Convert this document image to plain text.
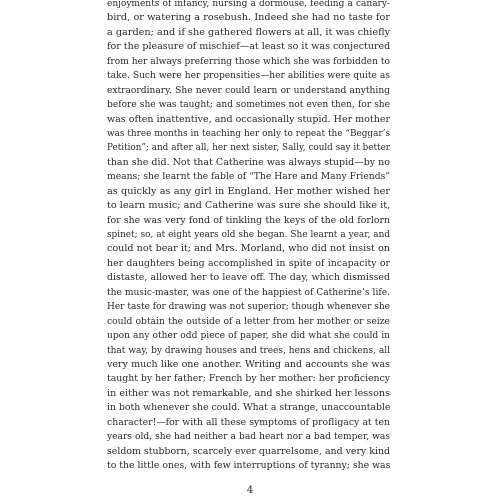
enjoyments of infancy, nursing a dormouse, feeding a canary-
bird, or watering a rosebush. Indeed she had no taste for
a garden; and if she gathered flowers at all, it was chiefly
for the pleasure of mischief—at least so it was conjectured
from her always preferring those which she was forbidden to
take. Such were her propensities—her abilities were quite as
extraordinary. She never could learn or understand anything
before she was taught; and sometimes not even then, for she
was often inattentive, and occasionally stupid. Her mother
was three months in teaching her only to repeat the “Beggar’s
Petition”; and after all, her next sister, Sally, could say it better
than she did. Not that Catherine was always stupid—by no
means; she learnt the fable of “The Hare and Many Friends”
as quickly as any girl in England. Her mother wished her
to learn music; and Catherine was sure she should like it,
for she was very fond of tinkling the keys of the old forlorn
spinet; so, at eight years old she began. She learnt a year, and
could not bear it; and Mrs. Morland, who did not insist on
her daughters being accomplished in spite of incapacity or
distaste, allowed her to leave off. The day, which dismissed
the music-master, was one of the happiest of Catherine’s life.
Her taste for drawing was not superior; though whenever she
could obtain the outside of a letter from her mother or seize
upon any other odd piece of paper, she did what she could in
that way, by drawing houses and trees, hens and chickens, all
very much like one another. Writing and accounts she was
taught by her father; French by her mother: her proficiency
in either was not remarkable, and she shirked her lessons
in both whenever she could. What a strange, unaccountable
character!—for with all these symptoms of profligacy at ten
years old, she had neither a bad heart nor a bad temper, was
seldom stubborn, scarcely ever quarrelsome, and very kind
to the little ones, with few interruptions of tyranny; she was
4
